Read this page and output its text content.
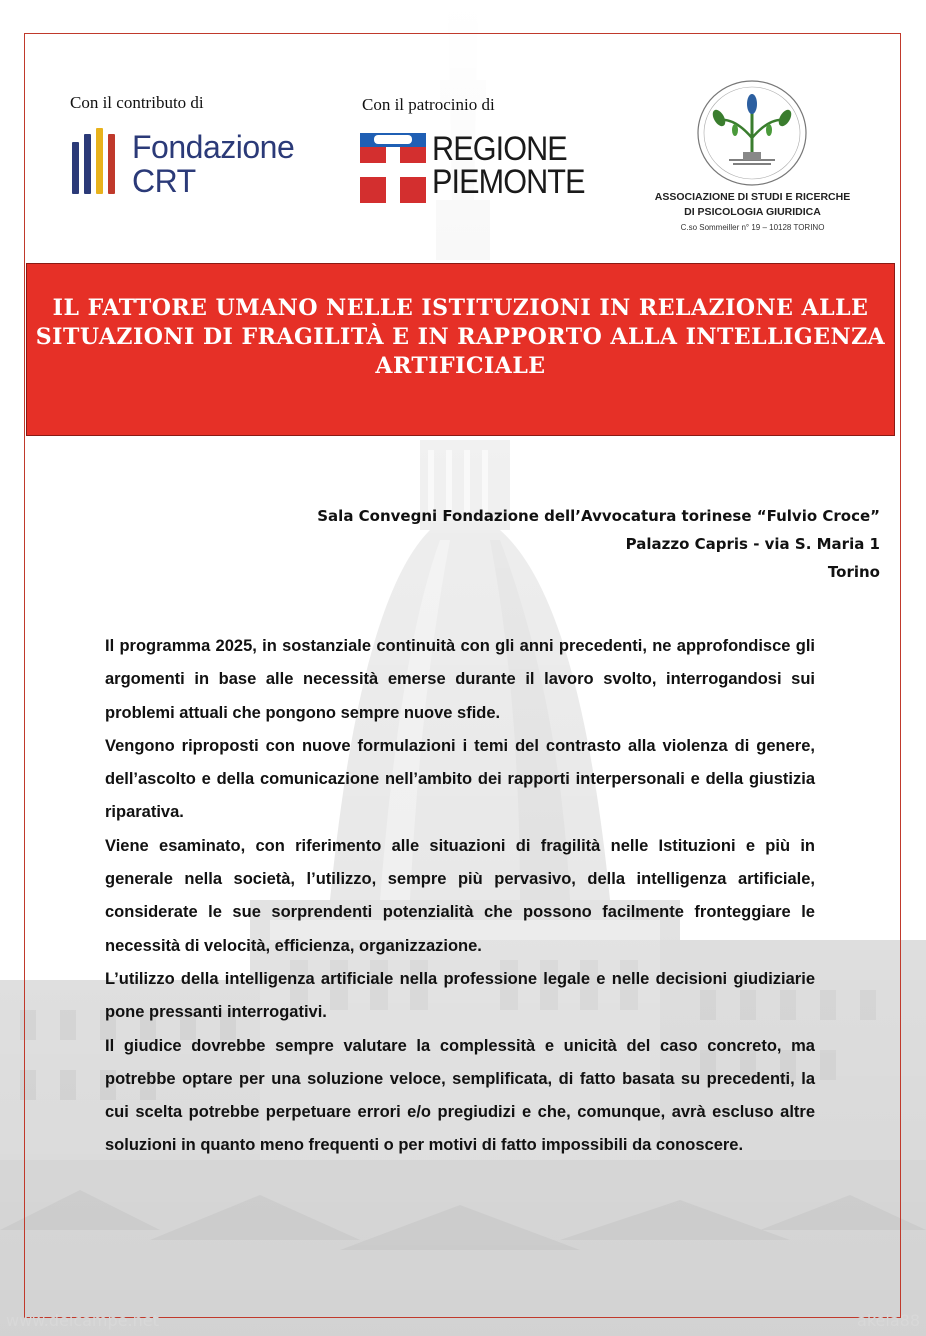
Con il contributo di	Con il patrocinio di
Fondazione
CRT
REGIONE
PIEMONTE	ASSOCIAZIONE DI STUDI E RICERCHE
DI PSICOLOGIA GIURIDICA
C.so Sommeiller n° 19 – 10128 TORINO
IL FATTORE UMANO NELLE ISTITUZIONI IN RELAZIONE ALLE SITUAZIONI DI FRAGILITÀ E IN RAPPORTO ALLA INTELLIGENZA ARTIFICIALE
Sala Convegni Fondazione dell’Avvocatura torinese “Fulvio Croce”
Palazzo Capris - via S. Maria 1
Torino

Il programma 2025, in sostanziale continuità con gli anni precedenti, ne approfondisce gli argomenti in base alle necessità emerse durante il lavoro svolto, interrogandosi sui problemi attuali che pongono sempre nuove sfide.

Vengono riproposti con nuove formulazioni i temi del contrasto alla violenza di genere, dell’ascolto e della comunicazione nell’ambito dei rapporti interpersonali e della giustizia riparativa.

Viene esaminato, con riferimento alle situazioni di fragilità nelle Istituzioni e più in generale nella società, l’utilizzo, sempre più pervasivo, della intelligenza artificiale, considerate le sue sorprendenti potenzialità che possono facilmente fronteggiare le necessità di velocità, efficienza, organizzazione.

L’utilizzo della intelligenza artificiale nella professione legale e nelle decisioni giudiziarie pone pressanti interrogativi.

Il giudice dovrebbe sempre valutare la complessità e unicità del caso concreto, ma potrebbe optare per una soluzione veloce, semplificata, di fatto basata su precedenti, la cui scelta potrebbe perpetuare errori e/o pregiudizi e che, comunque, avrà escluso altre soluzioni in quanto meno frequenti o per motivi di fatto impossibili da conoscere.

www.delcampe.net	akela88
